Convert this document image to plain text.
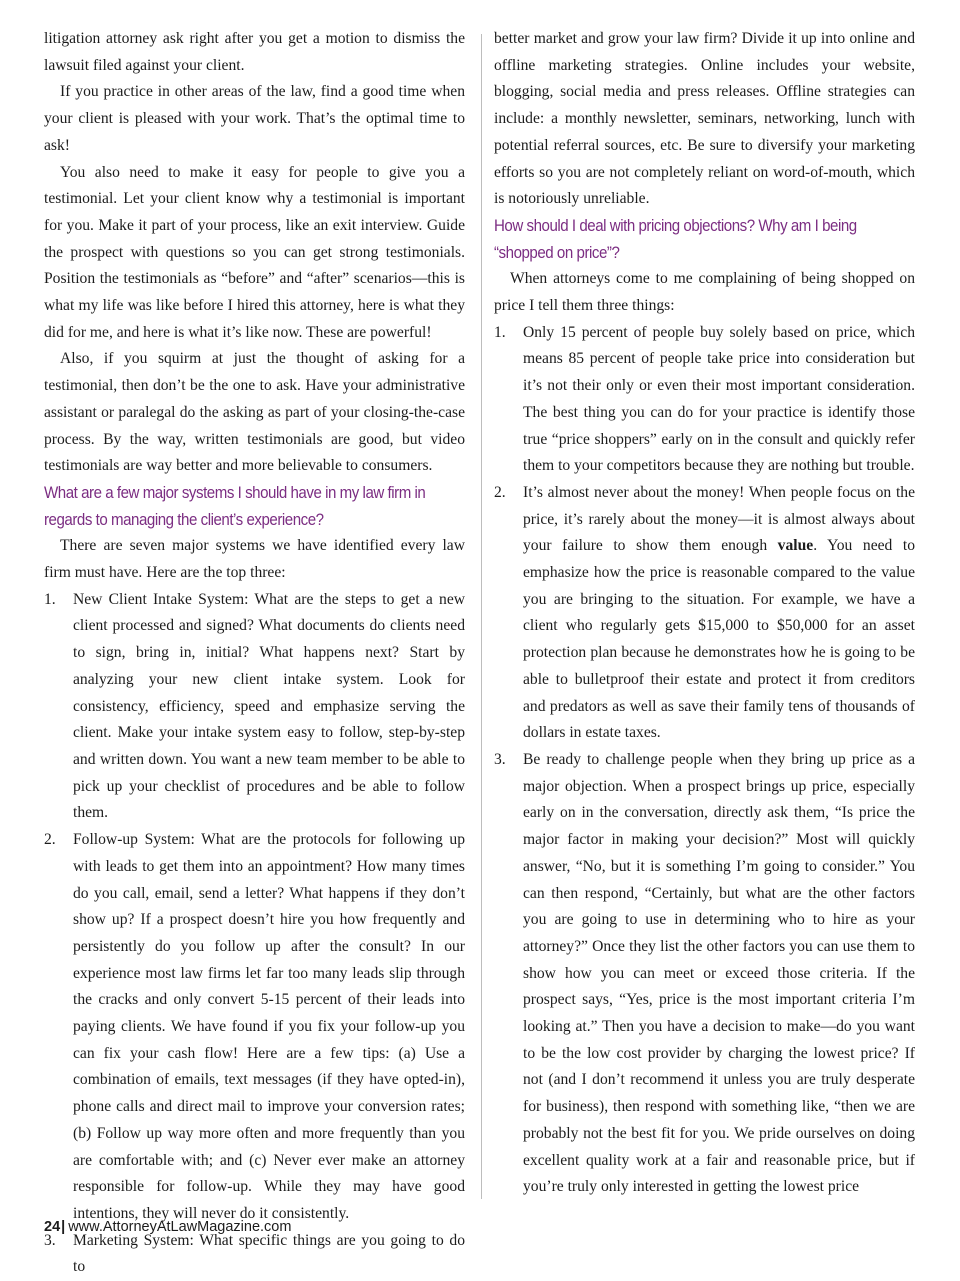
litigation attorney ask right after you get a motion to dismiss the lawsuit filed against your client.

If you practice in other areas of the law, find a good time when your client is pleased with your work. That’s the optimal time to ask!

You also need to make it easy for people to give you a testimonial. Let your client know why a testimonial is important for you. Make it part of your process, like an exit interview. Guide the prospect with questions so you can get strong testimonials. Position the testimonials as “before” and “after” scenarios—this is what my life was like before I hired this attorney, here is what they did for me, and here is what it’s like now. These are powerful!

Also, if you squirm at just the thought of asking for a testimonial, then don’t be the one to ask. Have your administrative assistant or paralegal do the asking as part of your closing-the-case process. By the way, written testimonials are good, but video testimonials are way better and more believable to consumers.

What are a few major systems I should have in my law firm in regards to managing the client’s experience?

There are seven major systems we have identified every law firm must have. Here are the top three:

1. New Client Intake System: What are the steps to get a new client processed and signed? What documents do clients need to sign, bring in, initial? What happens next? Start by analyzing your new client intake system. Look for consistency, efficiency, speed and emphasize serving the client. Make your intake system easy to follow, step-by-step and written down. You want a new team member to be able to pick up your checklist of procedures and be able to follow them.
2. Follow-up System: What are the protocols for following up with leads to get them into an appointment? How many times do you call, email, send a letter? What happens if they don’t show up? If a prospect doesn’t hire you how frequently and persistently do you follow up after the consult? In our experience most law firms let far too many leads slip through the cracks and only convert 5-15 percent of their leads into paying clients. We have found if you fix your follow-up you can fix your cash flow! Here are a few tips: (a) Use a combination of emails, text messages (if they have opted-in), phone calls and direct mail to improve your conversion rates; (b) Follow up way more often and more frequently than you are comfortable with; and (c) Never ever make an attorney responsible for follow-up. While they may have good intentions, they will never do it consistently.
3. Marketing System: What specific things are you going to do to

better market and grow your law firm? Divide it up into online and offline marketing strategies. Online includes your website, blogging, social media and press releases. Offline strategies can include: a monthly newsletter, seminars, networking, lunch with potential referral sources, etc. Be sure to diversify your marketing efforts so you are not completely reliant on word-of-mouth, which is notoriously unreliable.

How should I deal with pricing objections? Why am I being “shopped on price”?

When attorneys come to me complaining of being shopped on price I tell them three things:

1. Only 15 percent of people buy solely based on price, which means 85 percent of people take price into consideration but it’s not their only or even their most important consideration. The best thing you can do for your practice is identify those true “price shoppers” early on in the consult and quickly refer them to your competitors because they are nothing but trouble.
2. It’s almost never about the money! When people focus on the price, it’s rarely about the money—it is almost always about your failure to show them enough value. You need to emphasize how the price is reasonable compared to the value you are bringing to the situation. For example, we have a client who regularly gets $15,000 to $50,000 for an asset protection plan because he demonstrates how he is going to be able to bulletproof their estate and protect it from creditors and predators as well as save their family tens of thousands of dollars in estate taxes.
3. Be ready to challenge people when they bring up price as a major objection. When a prospect brings up price, especially early on in the conversation, directly ask them, “Is price the major factor in making your decision?” Most will quickly answer, “No, but it is something I’m going to consider.” You can then respond, “Certainly, but what are the other factors you are going to use in determining who to hire as your attorney?” Once they list the other factors you can use them to show how you can meet or exceed those criteria. If the prospect says, “Yes, price is the most important criteria I’m looking at.” Then you have a decision to make—do you want to be the low cost provider by charging the lowest price? If not (and I don’t recommend it unless you are truly desperate for business), then respond with something like, “then we are probably not the best fit for you. We pride ourselves on doing excellent quality work at a fair and reasonable price, but if you’re truly only interested in getting the lowest price
24| www.AttorneyAtLawMagazine.com
